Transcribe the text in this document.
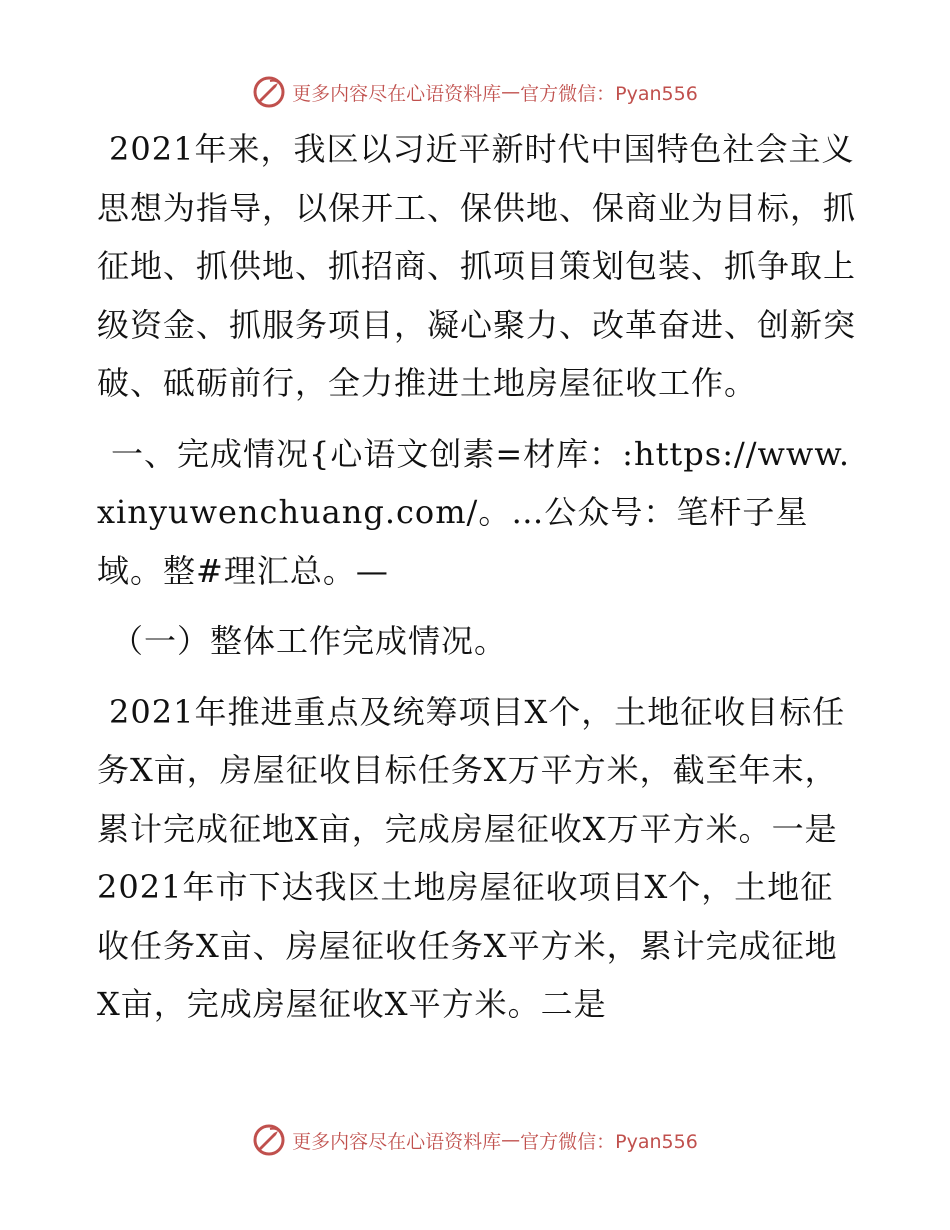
更多内容尽在心语资料库 — 官方微信：Pyan556

2021年来，我区以习近平新时代中国特色社会主义思想为指导，以保开工、保供地、保商业为目标，抓征地、抓供地、抓招商、抓项目策划包装、抓争取上级资金、抓服务项目，凝心聚力、改革奋进、创新突破、砥砺前行，全力推进土地房屋征收工作。

一、完成情况{心语文创素=材库：:https://www.xinyuwenchuang.com/。…公众号：笔杆子星域。整#理汇总。—

（一）整体工作完成情况。

2021年推进重点及统筹项目X个，土地征收目标任务X亩，房屋征收目标任务X万平方米，截至年末，累计完成征地X亩，完成房屋征收X万平方米。一是2021年市下达我区土地房屋征收项目X个，土地征收任务X亩、房屋征收任务X平方米，累计完成征地X亩，完成房屋征收X平方米。二是

更多内容尽在心语资料库 — 官方微信：Pyan556
